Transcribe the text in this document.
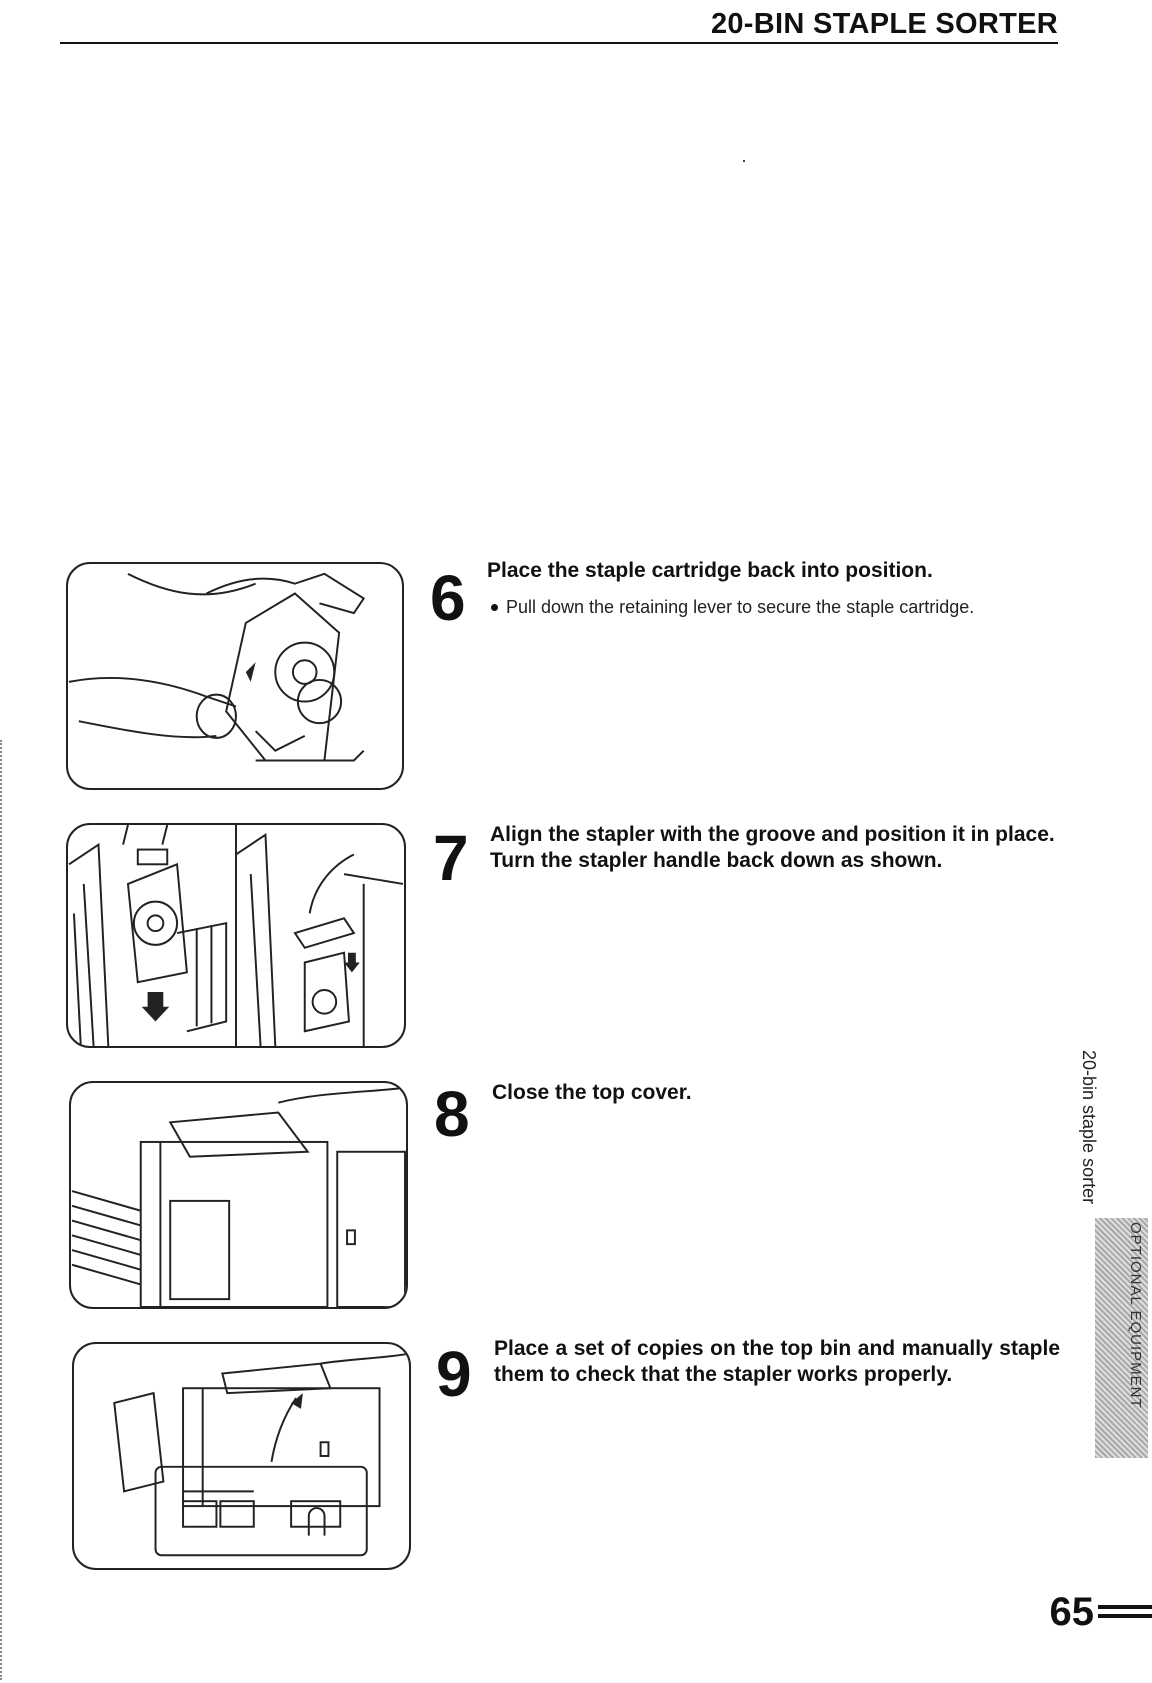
20-BIN STAPLE SORTER
6 Place the staple cartridge back into position.

Pull down the retaining lever to secure the staple cartridge.
7 Align the stapler with the groove and position it in place.

Turn the stapler handle back down as shown.

8 Close the top cover.

9 Place a set of copies on the top bin and manually staple them to check that the stapler works properly.

20-bin staple sorter
OPTIONAL EQUIPMENT
65
